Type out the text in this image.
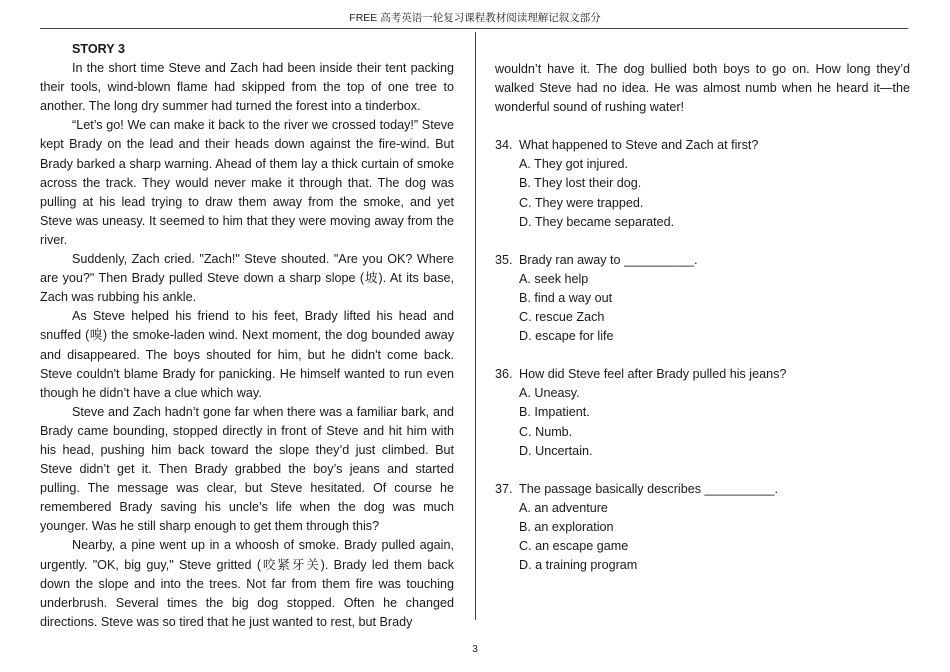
FREE 高考英语一轮复习课程教材阅读理解记叙文部分

STORY 3

In the short time Steve and Zach had been inside their tent packing their tools, wind-blown flame had skipped from the top of one tree to another. The long dry summer had turned the forest into a tinderbox.

“Let’s go! We can make it back to the river we crossed today!” Steve kept Brady on the lead and their heads down against the fire-wind. But Brady barked a sharp warning. Ahead of them lay a thick curtain of smoke across the track. They would never make it through that. The dog was pulling at his lead trying to draw them away from the smoke, and yet Steve was uneasy. It seemed to him that they were moving away from the river.

Suddenly, Zach cried. "Zach!" Steve shouted. "Are you OK? Where are you?" Then Brady pulled Steve down a sharp slope (坡). At its base, Zach was rubbing his ankle.

As Steve helped his friend to his feet, Brady lifted his head and snuffed (嗅) the smoke-laden wind. Next moment, the dog bounded away and disappeared. The boys shouted for him, but he didn't come back. Steve couldn't blame Brady for panicking. He himself wanted to run even though he didn’t have a clue which way.

Steve and Zach hadn’t gone far when there was a familiar bark, and Brady came bounding, stopped directly in front of Steve and hit him with his head, pushing him back toward the slope they’d just climbed. But Steve didn’t get it. Then Brady grabbed the boy’s jeans and started pulling. The message was clear, but Steve hesitated. Of course he remembered Brady saving his uncle’s life when the dog was much younger. Was he still sharp enough to get them through this?

Nearby, a pine went up in a whoosh of smoke. Brady pulled again, urgently. "OK, big guy," Steve gritted (咬紧牙关). Brady led them back down the slope and into the trees. Not far from them fire was touching underbrush. Several times the big dog stopped. Often he changed directions. Steve was so tired that he just wanted to rest, but Brady

wouldn’t have it. The dog bullied both boys to go on. How long they’d walked Steve had no idea. He was almost numb when he heard it—the wonderful sound of rushing water!

34. What happened to Steve and Zach at first?
A. They got injured.
B. They lost their dog.
C. They were trapped.
D. They became separated.
35. Brady ran away to __________.
A. seek help
B. find a way out
C. rescue Zach
D. escape for life
36. How did Steve feel after Brady pulled his jeans?
A. Uneasy.
B. Impatient.
C. Numb.
D. Uncertain.
37. The passage basically describes __________.
A. an adventure
B. an exploration
C. an escape game
D. a training program
3
